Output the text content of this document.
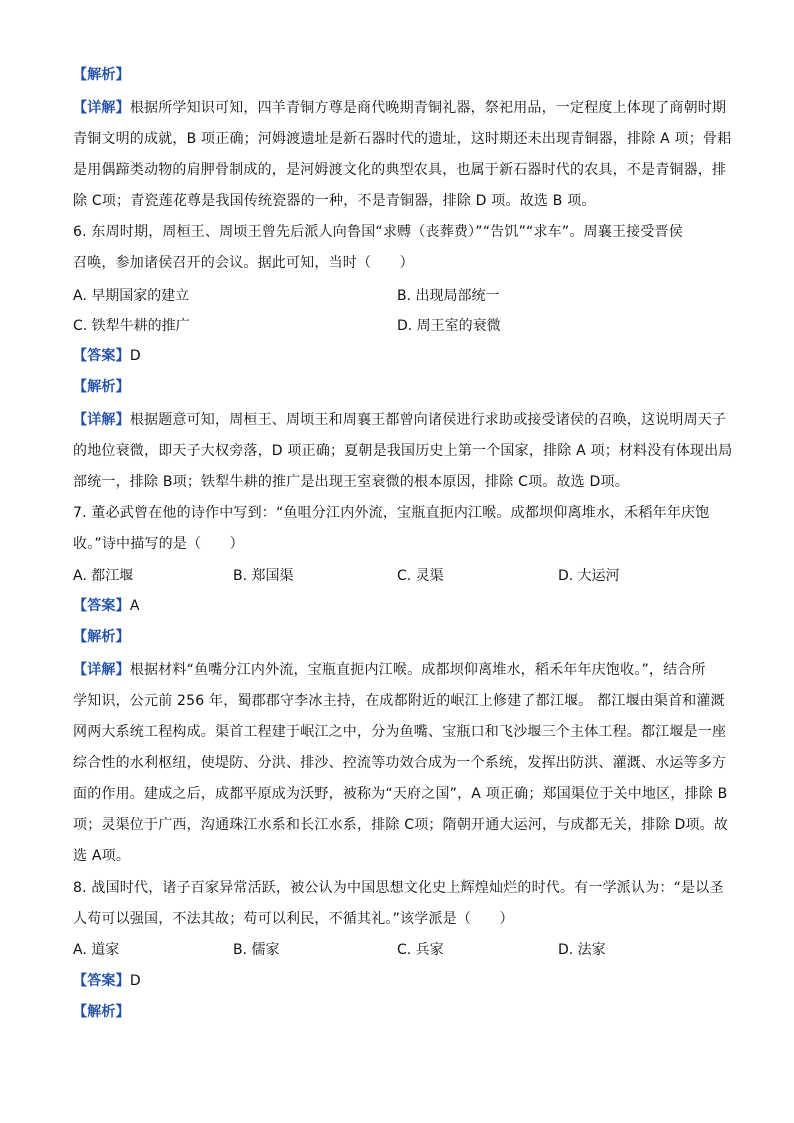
【解析】
【详解】根据所学知识可知，四羊青铜方尊是商代晚期青铜礼器，祭祀用品，一定程度上体现了商朝时期
青铜文明的成就，B 项正确；河姆渡遗址是新石器时代的遗址，这时期还未出现青铜器，排除 A 项；骨耜
是用偶蹄类动物的肩胛骨制成的，是河姆渡文化的典型农具，也属于新石器时代的农具，不是青铜器，排
除 C项；青瓷莲花尊是我国传统瓷器的一种，不是青铜器，排除 D 项。故选 B 项。
6. 东周时期，周桓王、周顷王曾先后派人向鲁国“求赙（丧葬费）”“告饥”“求车”。周襄王接受晋侯
召唤，参加诸侯召开的会议。据此可知，当时（　　）
A. 早期国家的建立	B. 出现局部统一
C. 铁犁牛耕的推广	D. 周王室的衰微
【答案】D
【解析】
【详解】根据题意可知，周桓王、周顷王和周襄王都曾向诸侯进行求助或接受诸侯的召唤，这说明周天子
的地位衰微，即天子大权旁落，D 项正确；夏朝是我国历史上第一个国家，排除 A 项；材料没有体现出局
部统一，排除 B项；铁犁牛耕的推广是出现王室衰微的根本原因，排除 C项。故选 D项。
7. 董必武曾在他的诗作中写到：“鱼咀分江内外流，宝瓶直扼内江喉。成都坝仰离堆水，禾稻年年庆饱
收。”诗中描写的是（　　）
A. 都江堰	B. 郑国渠	C. 灵渠	D. 大运河
【答案】A
【解析】
【详解】根据材料“鱼嘴分江内外流，宝瓶直扼内江喉。成都坝仰离堆水，稻禾年年庆饱收。”，结合所
学知识，公元前 256 年，蜀郡郡守李冰主持，在成都附近的岷江上修建了都江堰。 都江堰由渠首和灌溉
网两大系统工程构成。渠首工程建于岷江之中，分为鱼嘴、宝瓶口和飞沙堰三个主体工程。都江堰是一座
综合性的水利枢纽，使堤防、分洪、排沙、控流等功效合成为一个系统，发挥出防洪、灌溉、水运等多方
面的作用。建成之后，成都平原成为沃野，被称为“天府之国”，A 项正确；郑国渠位于关中地区，排除 B
项；灵渠位于广西，沟通珠江水系和长江水系，排除 C项；隋朝开通大运河，与成都无关，排除 D项。故
选 A项。
8. 战国时代，诸子百家异常活跃，被公认为中国思想文化史上辉煌灿烂的时代。有一学派认为：“是以圣
人苟可以强国，不法其故；苟可以利民，不循其礼。”该学派是（　　）
A. 道家	B. 儒家	C. 兵家	D. 法家
【答案】D
【解析】
